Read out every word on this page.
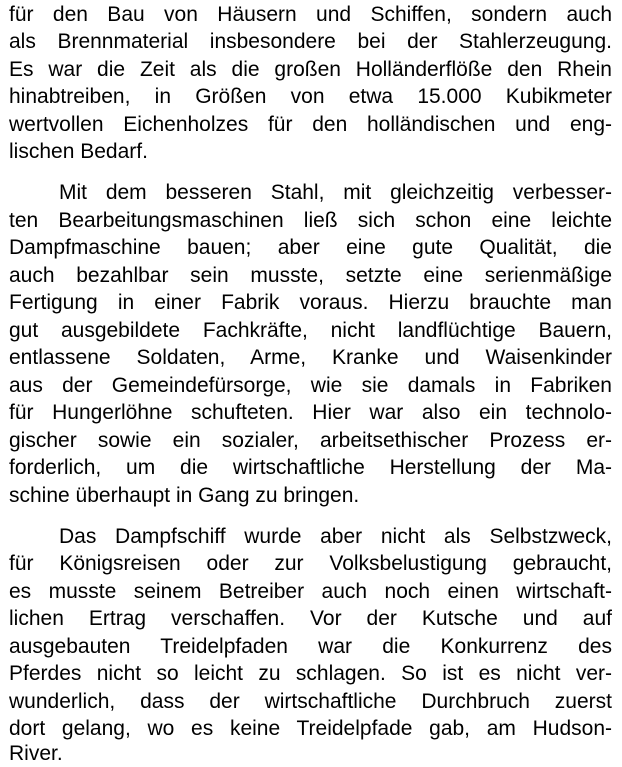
für den Bau von Häusern und Schiffen, sondern auch
als Brennmaterial insbesondere bei der Stahlerzeugung.
Es war die Zeit als die großen Holländerflöße den Rhein
hinabtreiben, in Größen von etwa 15.000 Kubikmeter
wertvollen Eichenholzes für den holländischen und eng-
lischen Bedarf.
Mit dem besseren Stahl, mit gleichzeitig verbesser-
ten Bearbeitungsmaschinen ließ sich schon eine leichte
Dampfmaschine bauen; aber eine gute Qualität, die
auch bezahlbar sein musste, setzte eine serienmäßige
Fertigung in einer Fabrik voraus. Hierzu brauchte man
gut ausgebildete Fachkräfte, nicht landflüchtige Bauern,
entlassene Soldaten, Arme, Kranke und Waisenkinder
aus der Gemeindefürsorge, wie sie damals in Fabriken
für Hungerlöhne schufteten. Hier war also ein technolo-
gischer sowie ein sozialer, arbeitsethischer Prozess er-
forderlich, um die wirtschaftliche Herstellung der Ma-
schine überhaupt in Gang zu bringen.
Das Dampfschiff wurde aber nicht als Selbstzweck,
für Königsreisen oder zur Volksbelustigung gebraucht,
es musste seinem Betreiber auch noch einen wirtschaft-
lichen Ertrag verschaffen. Vor der Kutsche und auf
ausgebauten Treidelpfaden war die Konkurrenz des
Pferdes nicht so leicht zu schlagen. So ist es nicht ver-
wunderlich, dass der wirtschaftliche Durchbruch zuerst
dort gelang, wo es keine Treidelpfade gab, am Hudson-
River.
